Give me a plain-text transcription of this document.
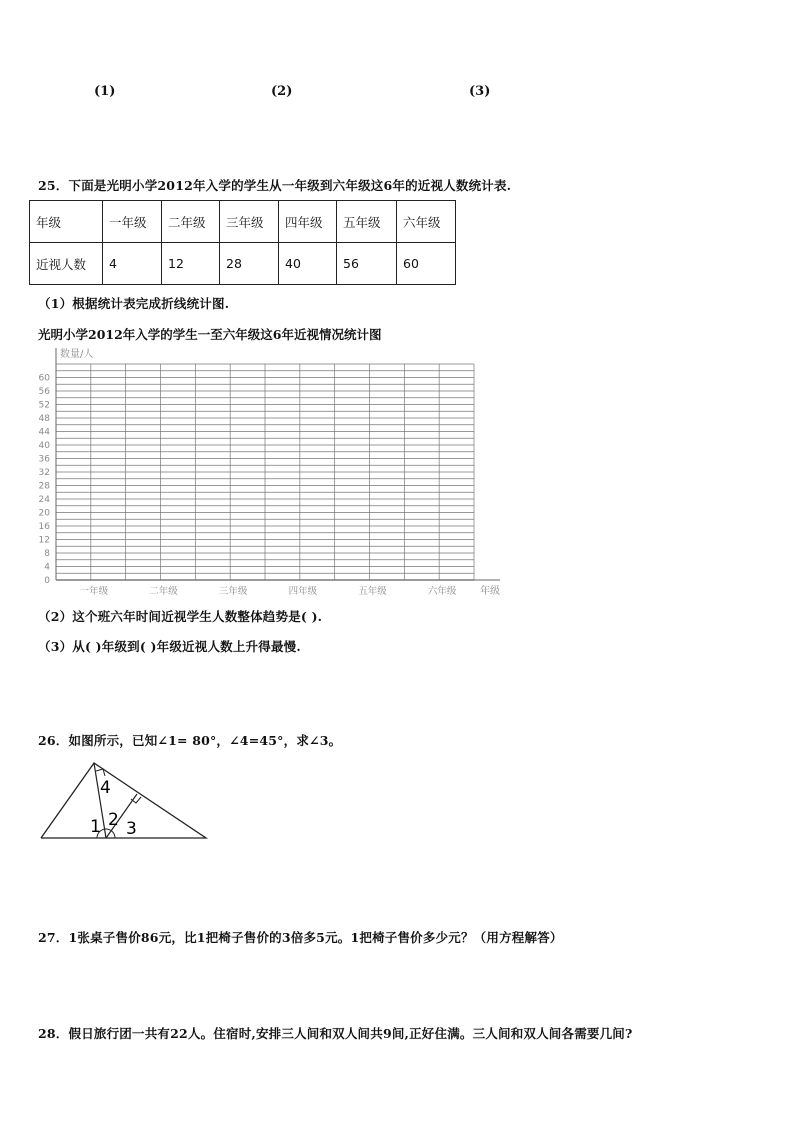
(1)	(2)	(3)
25．下面是光明小学2012年入学的学生从一年级到六年级这6年的近视人数统计表.
年级	一年级	二年级	三年级	四年级	五年级	六年级
近视人数	4	12	28	40	56	60
（1）根据统计表完成折线统计图.
光明小学2012年入学的学生一至六年级这6年近视情况统计图
数量/人
0
4
8
12
16
20
24
28
32
36
40
44
48
52
56
60
一年级	二年级	三年级	四年级	五年级	六年级 年级
（2）这个班六年时间近视学生人数整体趋势是( ).
（3）从( )年级到( )年级近视人数上升得最慢.
26．如图所示，已知∠1= 80°，∠4=45°，求∠3。
4
1 2 3
27．1张桌子售价86元，比1把椅子售价的3倍多5元。1把椅子售价多少元？（用方程解答）
28．假日旅行团一共有22人。住宿时,安排三人间和双人间共9间,正好住满。三人间和双人间各需要几间?
